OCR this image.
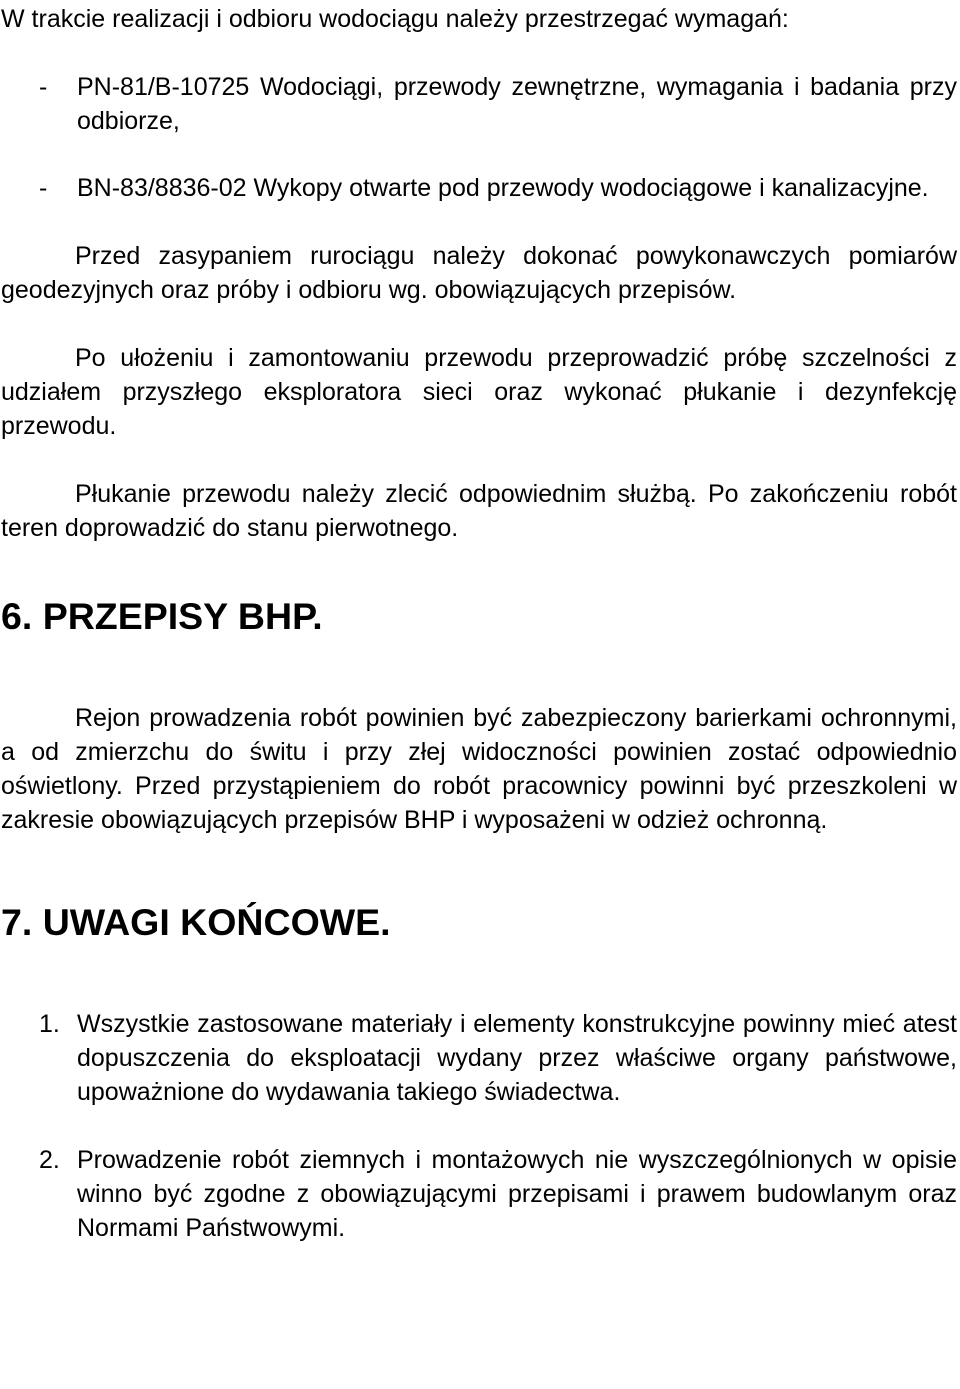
W trakcie realizacji i odbioru wodociągu należy przestrzegać wymagań:

- PN-81/B-10725 Wodociągi, przewody zewnętrzne, wymagania i badania przy odbiorze,
- BN-83/8836-02 Wykopy otwarte pod przewody wodociągowe i kanalizacyjne.

Przed zasypaniem rurociągu należy dokonać powykonawczych pomiarów geodezyjnych oraz próby i odbioru wg. obowiązujących przepisów.

Po ułożeniu i zamontowaniu przewodu przeprowadzić próbę szczelności z udziałem przyszłego eksploratora sieci oraz wykonać płukanie i dezynfekcję przewodu.

Płukanie przewodu należy zlecić odpowiednim służbą. Po zakończeniu robót teren doprowadzić do stanu pierwotnego.

6. PRZEPISY BHP.

Rejon prowadzenia robót powinien być zabezpieczony barierkami ochronnymi, a od zmierzchu do świtu i przy złej widoczności powinien zostać odpowiednio oświetlony. Przed przystąpieniem do robót pracownicy powinni być przeszkoleni w zakresie obowiązujących przepisów BHP i wyposażeni w odzież ochronną.

7. UWAGI KOŃCOWE.
1. Wszystkie zastosowane materiały i elementy konstrukcyjne powinny mieć atest dopuszczenia do eksploatacji wydany przez właściwe organy państwowe, upoważnione do wydawania takiego świadectwa.
2. Prowadzenie robót ziemnych i montażowych nie wyszczególnionych w opisie winno być zgodne z obowiązującymi przepisami i prawem budowlanym oraz Normami Państwowymi.
